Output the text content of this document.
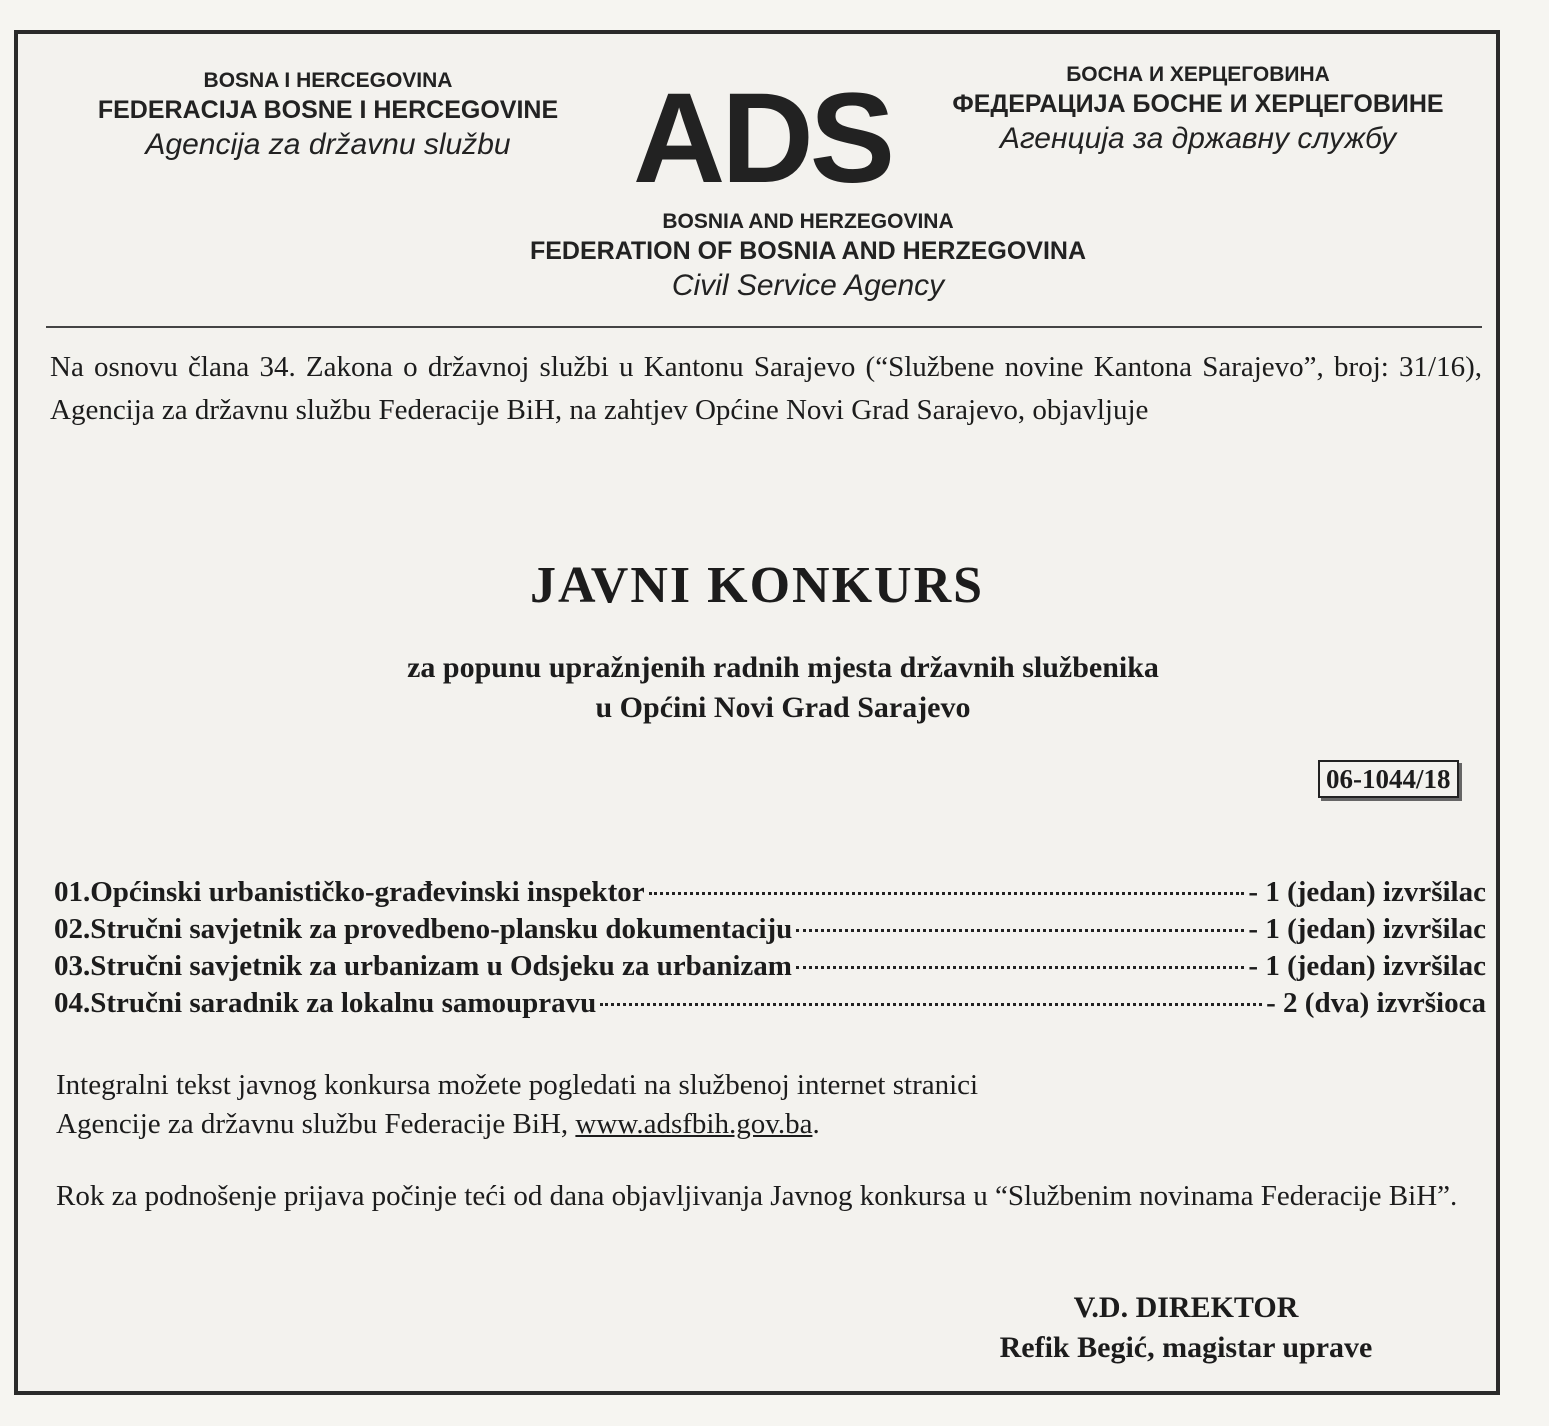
BOSNA I HERCEGOVINA
FEDERACIJA BOSNE I HERCEGOVINE
Agencija za državnu službu ADS	БОСНА И ХЕРЦЕГОВИНА
ФЕДЕРАЦИЈА БОСНЕ И ХЕРЦЕГОВИНЕ
Агенција за државну службу
BOSNIA AND HERZEGOVINA
FEDERATION OF BOSNIA AND HERZEGOVINA
Civil Service Agency
Na osnovu člana 34. Zakona o državnoj službi u Kantonu Sarajevo (“Službene novine Kantona Sarajevo”, broj: 31/16), Agencija za državnu službu Federacije BiH, na zahtjev Općine Novi Grad Sarajevo, objavljuje
JAVNI KONKURS
za popunu upražnjenih radnih mjesta državnih službenika
u Općini Novi Grad Sarajevo
06-1044/18
01.Općinski urbanističko-građevinski inspektor	- 1 (jedan) izvršilac
02.Stručni savjetnik za provedbeno-plansku dokumentaciju	- 1 (jedan) izvršilac
03.Stručni savjetnik za urbanizam u Odsjeku za urbanizam	- 1 (jedan) izvršilac
04.Stručni saradnik za lokalnu samoupravu	- 2 (dva) izvršioca
Integralni tekst javnog konkursa možete pogledati na službenoj internet stranici
Agencije za državnu službu Federacije BiH, www.adsfbih.gov.ba.
Rok za podnošenje prijava počinje teći od dana objavljivanja Javnog konkursa u “Službenim novinama Federacije BiH”.
V.D. DIREKTOR
Refik Begić, magistar uprave
